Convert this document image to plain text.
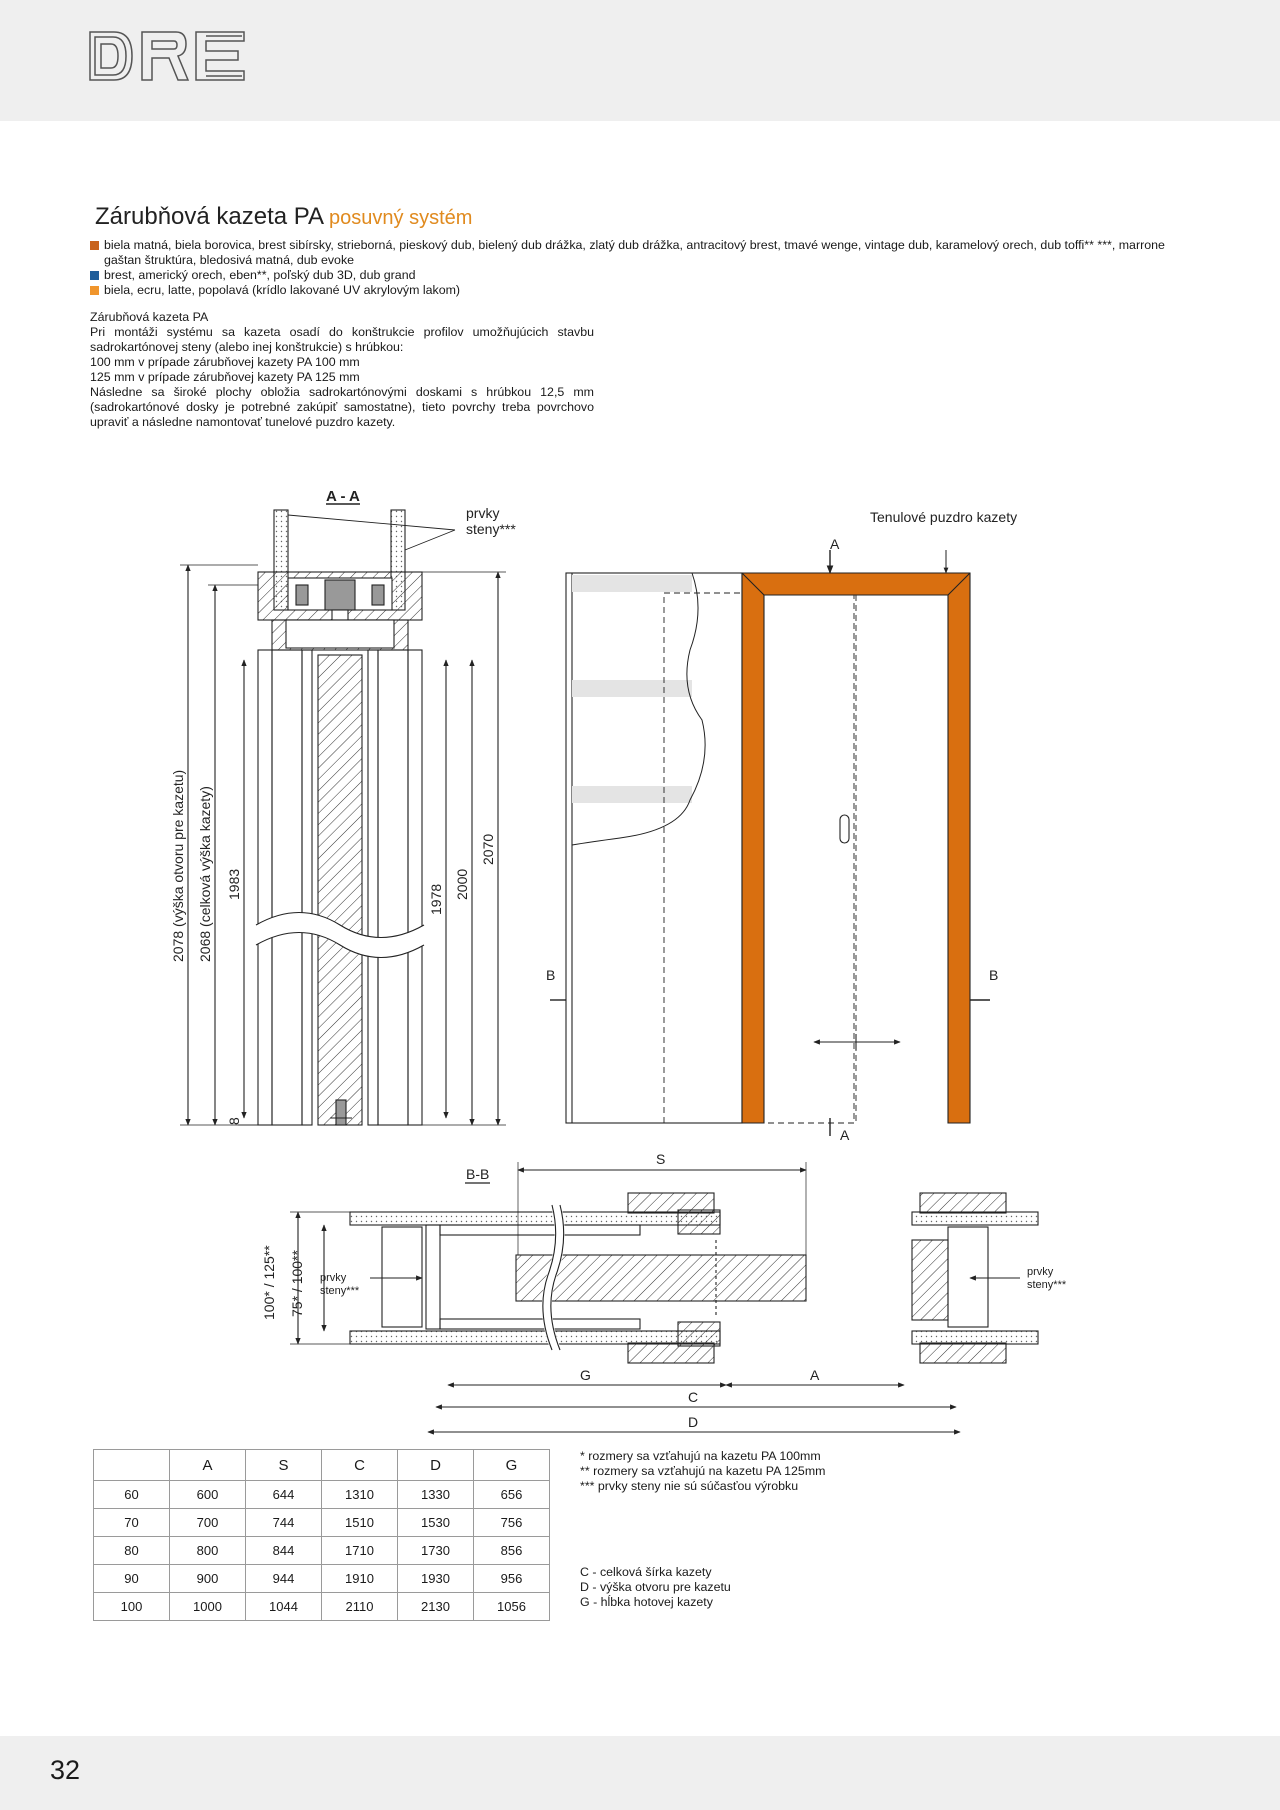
Zárubňová kazeta PA posuvný systém
biela matná, biela borovica, brest sibírsky, strieborná, pieskový dub, bielený dub drážka, zlatý dub drážka, antracitový brest, tmavé wenge, vintage dub, karamelový orech, dub toffi** ***, marrone gaštan štruktúra, bledosivá matná, dub evoke
brest, americký orech, eben**, poľský dub 3D, dub grand
biela, ecru, latte, popolavá (krídlo lakované UV akrylovým lakom)
Zárubňová kazeta PA
Pri montáži systému sa kazeta osadí do konštrukcie profilov umožňujúcich stavbu sadrokartónovej steny (alebo inej konštrukcie) s hrúbkou:
100 mm v prípade zárubňovej kazety PA 100 mm
125 mm v prípade zárubňovej kazety PA 125 mm
Následne sa široké plochy obložia sadrokartónovými doskami s hrúbkou 12,5 mm (sadrokartónové dosky je potrebné zakúpiť samostatne), tieto povrchy treba povrchovo upraviť a následne namontovať tunelové puzdro kazety.
A - A
2078 (výška otvoru pre kazetu) 2068 (celková výška kazety) 1983	1978 2000
2070
8
prvky
steny***
A
A
B	B
Tenulové puzdro kazety
B-B
S
G	A
C
D
100* / 125** 75* / 100** prvky
steny***
prvky
steny***
	A	S	C	D	G
60	600	644	1310	1330	656
70	700	744	1510	1530	756
80	800	844	1710	1730	856
90	900	944	1910	1930	956
100	1000	1044	2110	2130	1056
* rozmery sa vzťahujú na kazetu PA 100mm
** rozmery sa vzťahujú na kazetu PA 125mm
*** prvky steny nie sú súčasťou výrobku
C - celková šírka kazety
D - výška otvoru pre kazetu
G - hĺbka hotovej kazety
32
